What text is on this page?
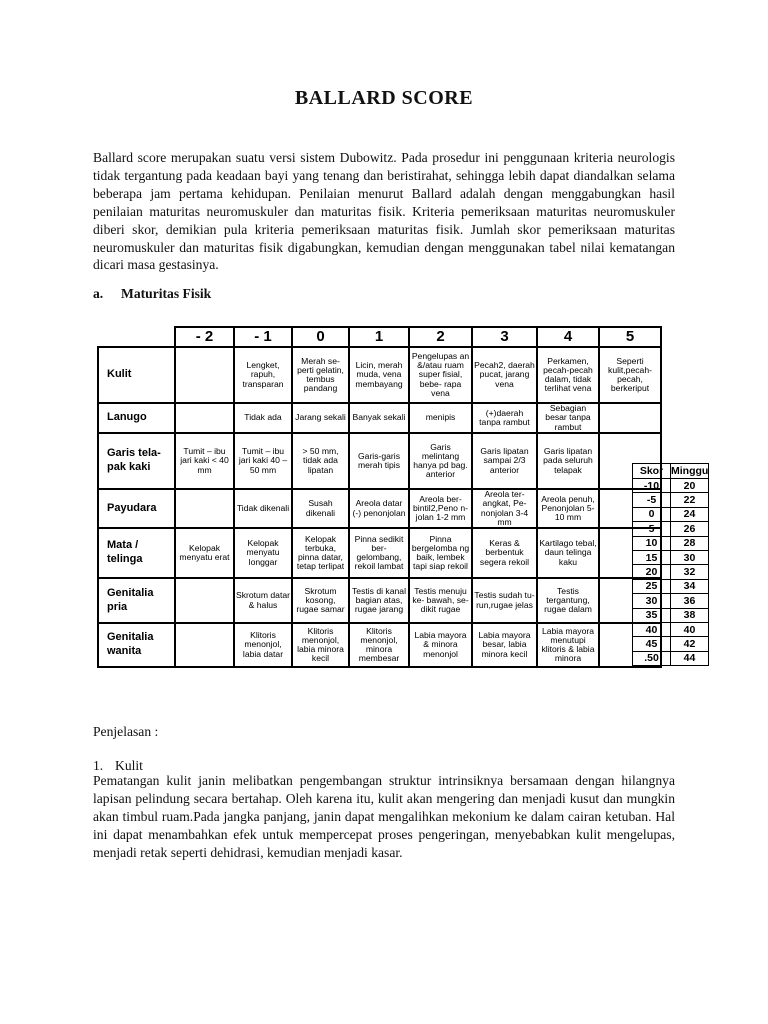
BALLARD SCORE

Ballard score merupakan suatu versi sistem Dubowitz. Pada prosedur ini penggunaan kriteria neurologis tidak tergantung pada keadaan bayi yang tenang dan beristirahat, sehingga lebih dapat diandalkan selama beberapa jam pertama kehidupan. Penilaian menurut Ballard adalah dengan menggabungkan hasil penilaian maturitas neuromuskuler dan maturitas fisik. Kriteria pemeriksaan maturitas neuromuskuler diberi skor, demikian pula kriteria pemeriksaan maturitas fisik. Jumlah skor pemeriksaan maturitas neuromuskuler dan maturitas fisik digabungkan, kemudian dengan menggunakan tabel nilai kematangan dicari masa gestasinya.

a. Maturitas Fisik
	- 2	- 1	0	1	2	3	4	5
Kulit		Lengket, rapuh, transparan	Merah se- perti gelatin, tembus pandang	Licin, merah muda, vena membayang	Pengelupas an &/atau ruam super fisial, bebe- rapa vena	Pecah2, daerah pucat, jarang vena	Perkamen, pecah-pecah dalam, tidak terlihat vena	Seperti kulit,pecah- pecah, berkeriput
Lanugo		Tidak ada	Jarang sekali	Banyak sekali	menipis	(+)daerah tanpa rambut	Sebagian besar tanpa rambut	
Garis tela- pak kaki	Tumit – ibu jari kaki < 40 mm	Tumit – ibu jari kaki 40 –50 mm	> 50 mm, tidak ada lipatan	Garis-garis merah tipis	Garis melintang hanya pd bag. anterior	Garis lipatan sampai 2/3 anterior	Garis lipatan pada seluruh telapak	
Payudara		Tidak dikenali	Susah dikenali	Areola datar (-) penonjolan	Areola ber- bintil2,Peno n- jolan 1-2 mm	Areola ter- angkat, Pe- nonjolan 3-4 mm	Areola penuh, Penonjolan 5- 10 mm	
Mata / telinga	Kelopak menyatu erat	Kelopak menyatu longgar	Kelopak terbuka, pinna datar, tetap terlipat	Pinna sedikit ber- gelombang, rekoil lambat	Pinna bergelomba ng baik, lembek tapi siap rekoil	Keras & berbentuk segera rekoil	Kartilago tebal, daun telinga kaku	
Genitalia pria		Skrotum datar & halus	Skrotum kosong, rugae samar	Testis di kanal bagian atas, rugae jarang	Testis menuju ke- bawah, se- dikit rugae	Testis sudah tu- run,rugae jelas	Testis tergantung, rugae dalam	
Genitalia wanita		Klitoris menonjol, labia datar	Klitoris menonjol, labia minora kecil	Klitoris menonjol, minora membesar	Labia mayora & minora menonjol	Labia mayora besar, labia minora kecil	Labia mayora menutupi klitoris & labia minora	
Skor	Minggu
-10	20
-5	22
0	24
5	26
10	28
15	30
20	32
25	34
30	36
35	38
40	40
45	42
.50	44
Penjelasan :
1. Kulit

Pematangan kulit janin melibatkan pengembangan struktur intrinsiknya bersamaan dengan hilangnya lapisan pelindung secara bertahap. Oleh karena itu, kulit akan mengering dan menjadi kusut dan mungkin akan timbul ruam.Pada jangka panjang, janin dapat mengalihkan mekonium ke dalam cairan ketuban. Hal ini dapat menambahkan efek untuk mempercepat proses pengeringan, menyebabkan kulit mengelupas, menjadi retak seperti dehidrasi, kemudian menjadi kasar.
